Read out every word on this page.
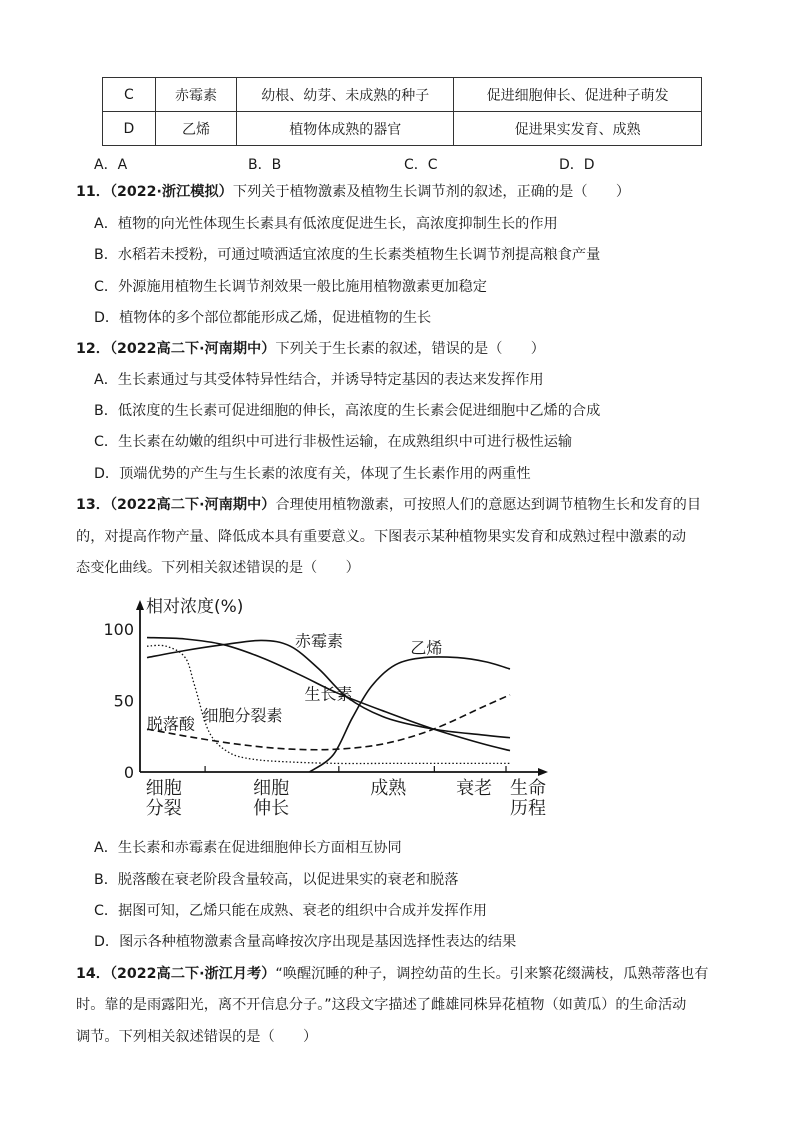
C	赤霉素	幼根、幼芽、未成熟的种子	促进细胞伸长、促进种子萌发
D	乙烯	植物体成熟的器官	促进果实发育、成熟
A．A	B．B	C．C	D．D
11．（2022·浙江模拟）下列关于植物激素及植物生长调节剂的叙述，正确的是（　　）
A．植物的向光性体现生长素具有低浓度促进生长，高浓度抑制生长的作用
B．水稻若未授粉，可通过喷洒适宜浓度的生长素类植物生长调节剂提高粮食产量
C．外源施用植物生长调节剂效果一般比施用植物激素更加稳定
D．植物体的多个部位都能形成乙烯，促进植物的生长
12．（2022高二下·河南期中）下列关于生长素的叙述，错误的是（　　）
A．生长素通过与其受体特异性结合，并诱导特定基因的表达来发挥作用
B．低浓度的生长素可促进细胞的伸长，高浓度的生长素会促进细胞中乙烯的合成
C．生长素在幼嫩的组织中可进行非极性运输，在成熟组织中可进行极性运输
D．顶端优势的产生与生长素的浓度有关，体现了生长素作用的两重性
13．（2022高二下·河南期中）合理使用植物激素，可按照人们的意愿达到调节植物生长和发育的目
的，对提高作物产量、降低成本具有重要意义。下图表示某种植物果实发育和成熟过程中激素的动
态变化曲线。下列相关叙述错误的是（　　）
相对浓度(%)
0
50
100
细胞
分裂
细胞
伸长
成熟	衰老 生命
历程
赤霉素
生长素
乙烯
细胞分裂素
脱落酸
A．生长素和赤霉素在促进细胞伸长方面相互协同
B．脱落酸在衰老阶段含量较高，以促进果实的衰老和脱落
C．据图可知，乙烯只能在成熟、衰老的组织中合成并发挥作用
D．图示各种植物激素含量高峰按次序出现是基因选择性表达的结果
14．（2022高二下·浙江月考）“唤醒沉睡的种子，调控幼苗的生长。引来繁花缀满枝，瓜熟蒂落也有
时。靠的是雨露阳光，离不开信息分子。”这段文字描述了雌雄同株异花植物（如黄瓜）的生命活动
调节。下列相关叙述错误的是（　　）
